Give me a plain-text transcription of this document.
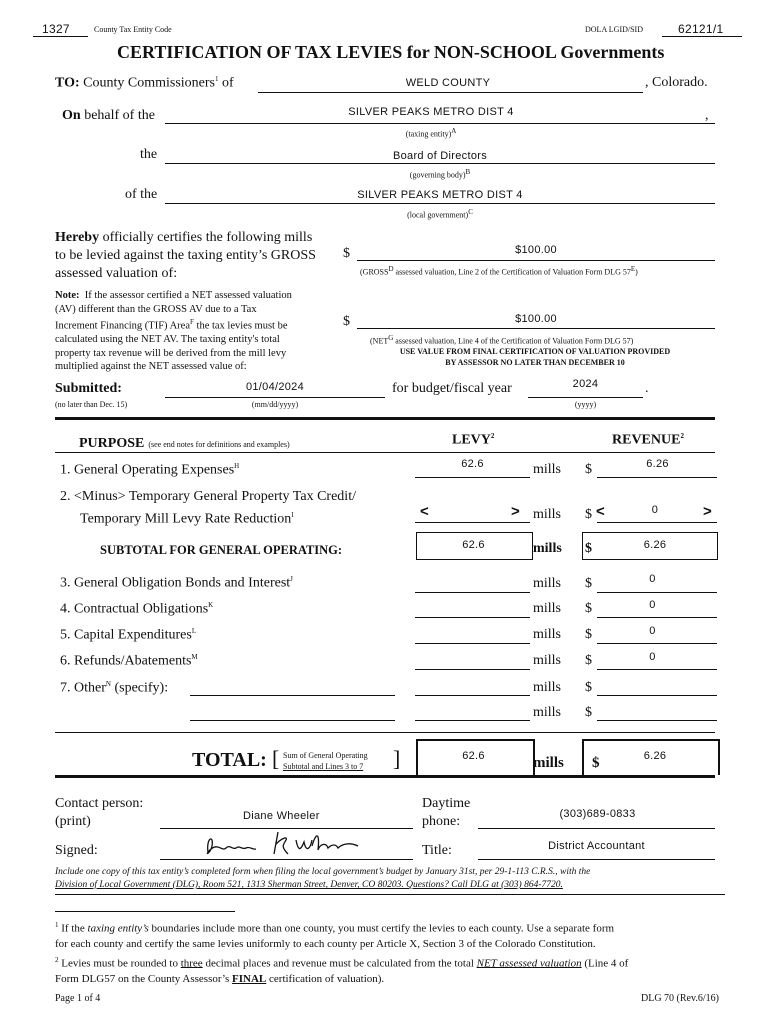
1327	County Tax Entity Code	DOLA LGID/SID	62121/1
CERTIFICATION OF TAX LEVIES for NON-SCHOOL Governments
TO: County Commissioners$^1$ of	WELD COUNTY	, Colorado.
On behalf of the	SILVER PEAKS METRO DIST 4	,
(taxing entity)$^A$
the	Board of Directors
(governing body)$^B$
of the	SILVER PEAKS METRO DIST 4
(local government)$^C$
Hereby officially certifies the following mills
to be levied against the taxing entity’s GROSS
assessed valuation of:
$	$100.00
($GROSS^D$ assessed valuation, Line 2 of the Certification of Valuation Form DLG $57^E$)
Note: If the assessor certified a NET assessed valuation
(AV) different than the GROSS AV due to a Tax
Increment Financing (TIF) Area$^F$ the tax levies must be
calculated using the NET AV. The taxing entity's total
property tax revenue will be derived from the mill levy
multiplied against the NET assessed value of:
$	$100.00
($NET^G$ assessed valuation, Line 4 of the Certification of Valuation Form DLG 57)
USE VALUE FROM FINAL CERTIFICATION OF VALUATION PROVIDED
BY ASSESSOR NO LATER THAN DECEMBER 10
Submitted:
(no later than Dec. 15)
01/04/2024
(mm/dd/yyyy)
for budget/fiscal year	2024	.
(yyyy)
PURPOSE (see end notes for definitions and examples)	LEVY$^2$	REVENUE$^2$
1. General Operating Expenses$^H$	62.6	mills $	6.26
2. <Minus> Temporary General Property Tax Credit/
Temporary Mill Levy Rate Reduction$^I$	<	> mills $ <	0	>
SUBTOTAL FOR GENERAL OPERATING:	62.6	mills $	6.26
3. General Obligation Bonds and Interest$^J$	mills $	0
4. Contractual Obligations$^K$	mills $	0
5. Capital Expenditures$^L$	mills $	0
6. Refunds/Abatements$^M$	mills $	0
7. Other$^N$ (specify):	mills $
mills $
TOTAL: [ Sum of General Operating
Subtotal and Lines 3 to 7 ]	62.6	mills $	6.26
Contact person:
(print)	Diane Wheeler
Daytime
phone:	(303)689-0833
Signed:	Title:	District Accountant
Include one copy of this tax entity’s completed form when filing the local government’s budget by January 31st, per 29-1-113 C.R.S., with the
Division of Local Government (DLG), Room 521, 1313 Sherman Street, Denver, CO 80203. Questions? Call DLG at (303) 864-7720.
$^1$ If the taxing entity’s boundaries include more than one county, you must certify the levies to each county. Use a separate form
for each county and certify the same levies uniformly to each county per Article X, Section 3 of the Colorado Constitution.
$^2$ Levies must be rounded to three decimal places and revenue must be calculated from the total NET assessed valuation (Line 4 of
Form DLG57 on the County Assessor’s FINAL certification of valuation).
Page 1 of 4	DLG 70 (Rev.6/16)
